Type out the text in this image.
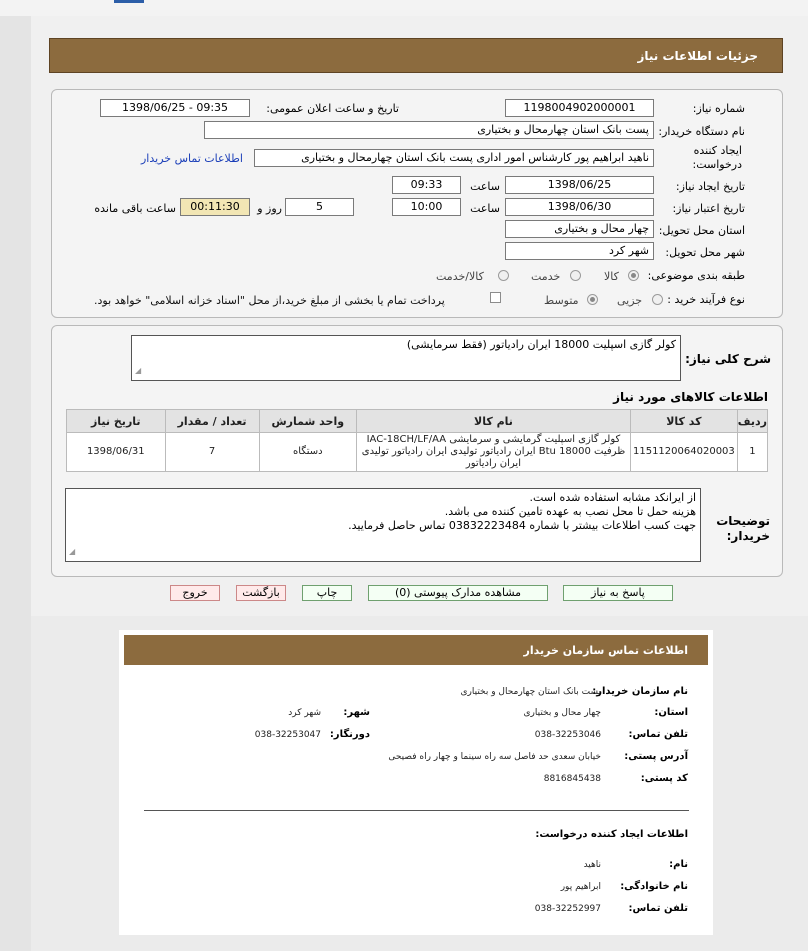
جزئیات اطلاعات نیاز
شماره نیاز:
1198004902000001
تاریخ و ساعت اعلان عمومی:
1398/06/25 - 09:35
نام دستگاه خریدار:
پست بانک استان چهارمحال و بختیاری
ایجاد کننده
درخواست:
ناهید ابراهیم پور کارشناس امور اداری پست بانک استان چهارمحال و بختیاری
اطلاعات تماس خریدار
تاریخ ایجاد نیاز:
1398/06/25
ساعت
09:33
تاریخ اعتبار نیاز:
1398/06/30
ساعت
10:00
5
روز و
00:11:30
ساعت باقی مانده
استان محل تحویل:
چهار محال و بختیاری
شهر محل تحویل:
شهر کرد
طبقه بندی موضوعی:
کالا
خدمت
کالا/خدمت
نوع فرآیند خرید :
جزیی
متوسط
پرداخت تمام یا بخشی از مبلغ خرید،از محل "اسناد خزانه اسلامی" خواهد بود.
شرح کلی نیاز:
کولر گازی اسپلیت 18000 ایران رادیاتور (فقط سرمایشی)
◢
اطلاعات کالاهای مورد نیاز
ردیف	کد کالا	نام کالا	واحد شمارش	تعداد / مقدار	تاریخ نیاز
1	1151120064020003	کولر گازی اسپلیت گرمایشی و سرمایشی IAC-18CH/LF/AA ظرفیت 18000 Btu ایران رادیاتور تولیدی ایران رادیاتور تولیدی ایران رادیاتور	دستگاه	7	1398/06/31
توضیحات خریدار:
از ایرانکد مشابه استفاده شده است.
هزینه حمل تا محل نصب به عهده تامین کننده می باشد.
جهت کسب اطلاعات بیشتر با شماره 03832223484 تماس حاصل فرمایید.
◢
پاسخ به نیاز
مشاهده مدارک پیوستی (0)
چاپ
بازگشت
خروج
اطلاعات تماس سازمان خریدار
نام سازمان خریدار:
پست بانک استان چهارمحال و بختیاری
استان:
چهار محال و بختیاری
شهر:
شهر کرد
تلفن تماس:
038-32253046
دورنگار:
038-32253047
آدرس پستی:
خیابان سعدی حد فاصل سه راه سینما و چهار راه فصیحی
کد پستی:
8816845438
اطلاعات ایجاد کننده درخواست:
نام:
ناهید
نام خانوادگی:
ابراهیم پور
تلفن تماس:
038-32252997
